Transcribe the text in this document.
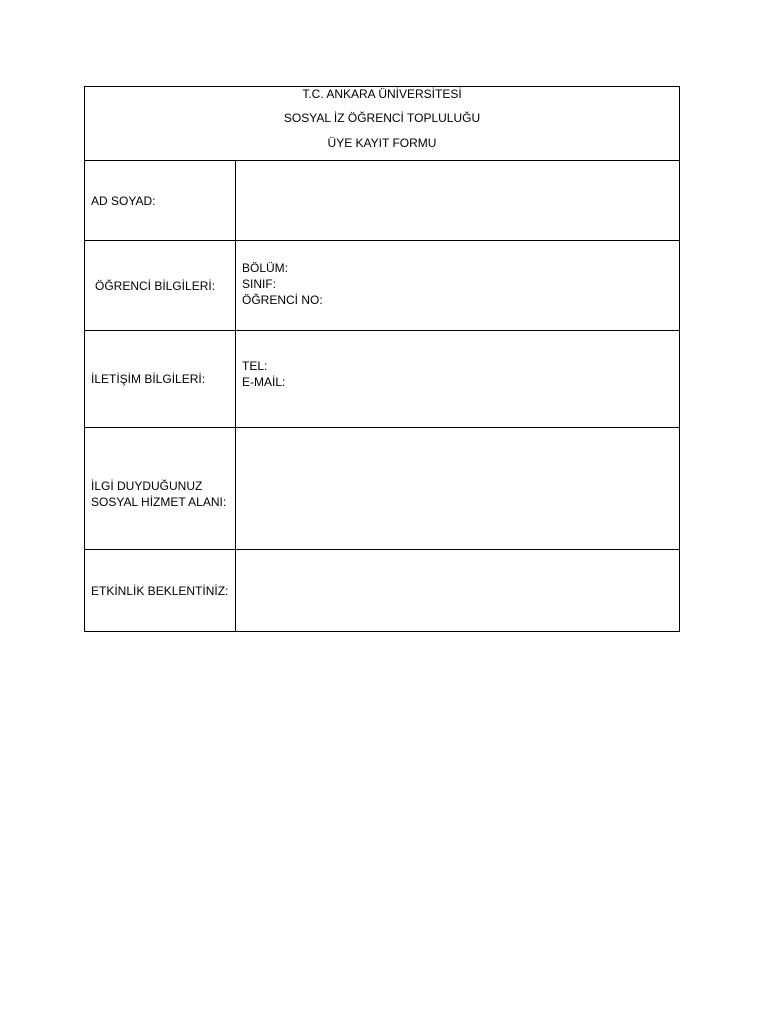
T.C. ANKARA ÜNİVERSİTESİ
SOSYAL İZ ÖĞRENCİ TOPLULUĞU
ÜYE KAYIT FORMU	

AD SOYAD:	

ÖĞRENCİ BİLGİLERİ:	BÖLÜM:
SINIF:
ÖĞRENCİ NO:

İLETİŞİM BİLGİLERİ:	TEL:
E-MAİL:

İLGİ DUYDUĞUNUZ
SOSYAL HİZMET ALANI:	

ETKİNLİK BEKLENTİNİZ:	
